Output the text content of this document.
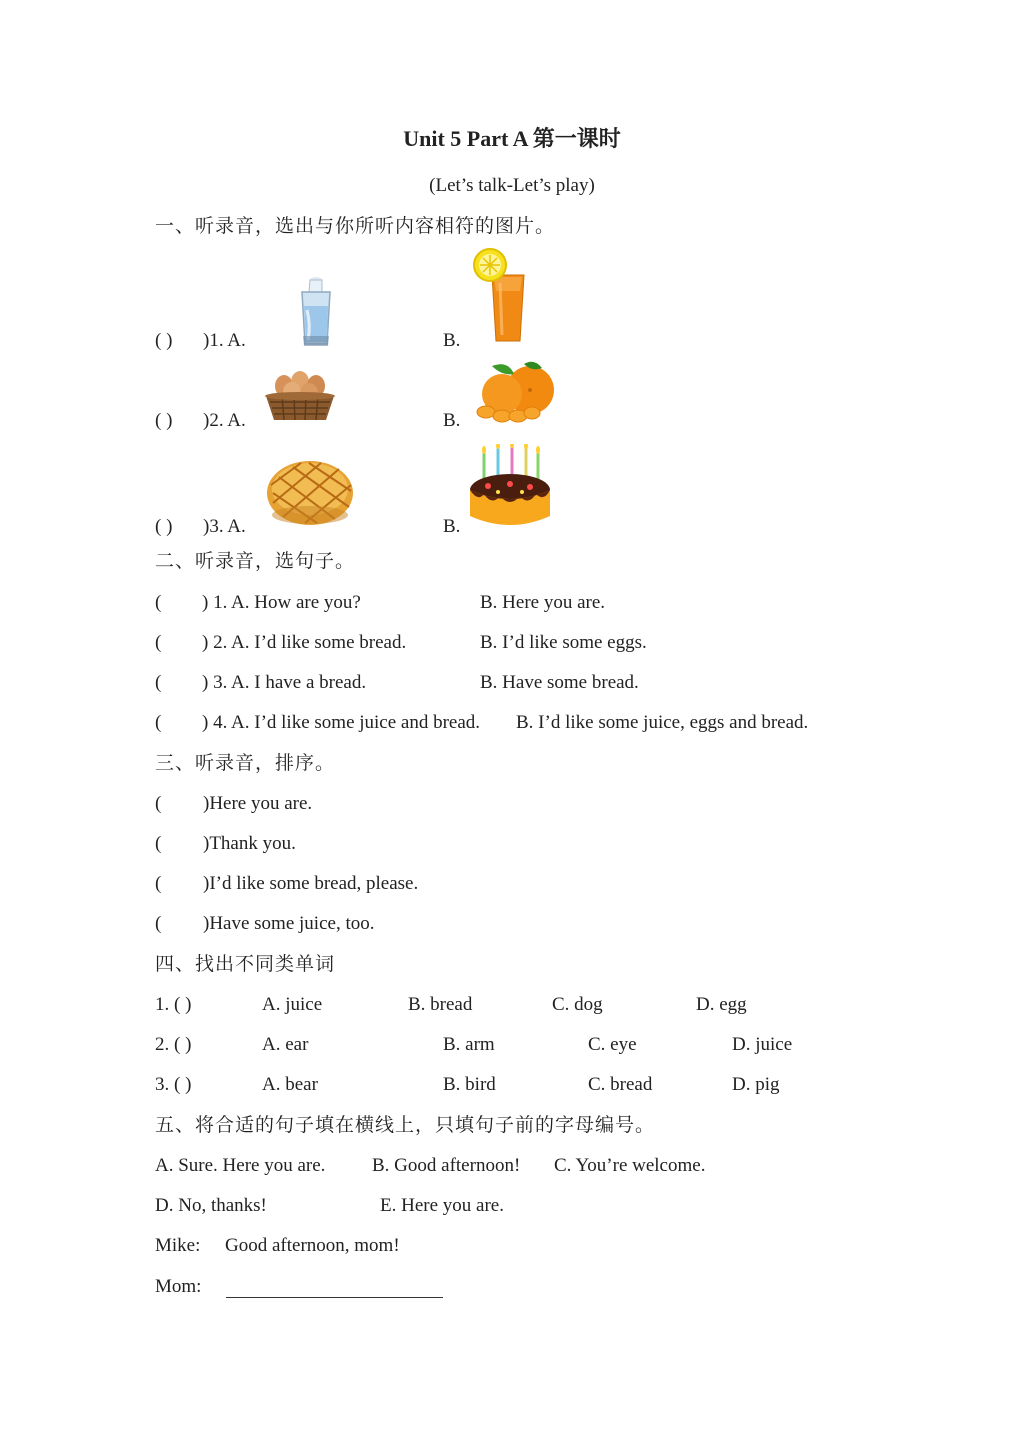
Unit 5 Part A 第一课时
(Let’s talk-Let’s play)
一、听录音，选出与你所听内容相符的图片。
( ) )1. A.	B.
( ) )2. A.	B.
( ) )3. A.	B.
二、听录音，选句子。
( ) 1. A. How are you?	B. Here you are.
( ) 2. A. I’d like some bread.	B. I’d like some eggs.
( ) 3. A. I have a bread.	B. Have some bread.
( ) 4. A. I’d like some juice and bread. B. I’d like some juice, eggs and bread.
三、听录音，排序。
( )Here you are.
( )Thank you.
( )I’d like some bread, please.
( )Have some juice, too.
四、找出不同类单词
1. ( )	A. juice	B. bread	C. dog	D. egg
2. ( )	A. ear	B. arm	C. eye	D. juice
3. ( )	A. bear	B. bird	C. bread	D. pig
五、将合适的句子填在横线上，只填句子前的字母编号。
A. Sure. Here you are. B. Good afternoon! C. You’re welcome.
D. No, thanks!	E. Here you are.
Mike: Good afternoon, mom!
Mom:
